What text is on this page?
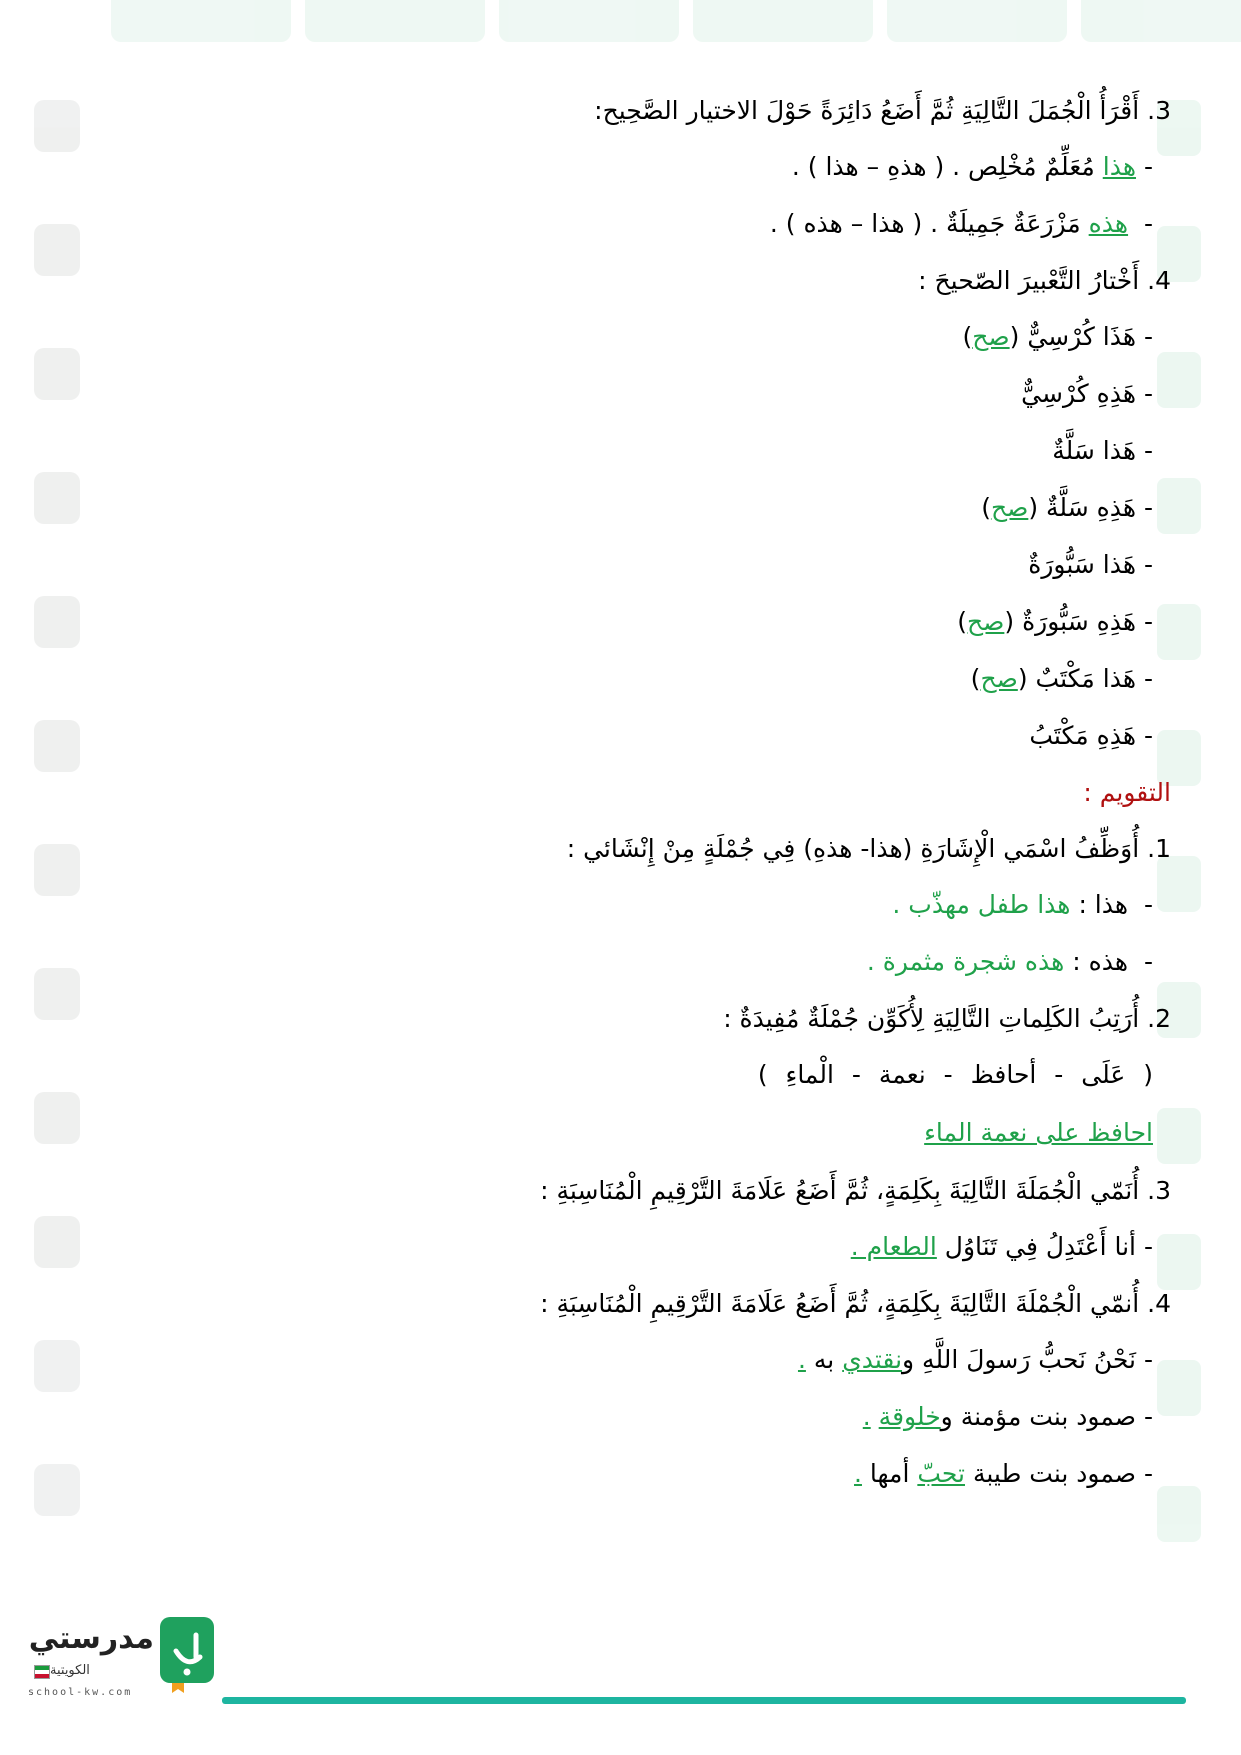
3. أَقْرَأُ الْجُمَلَ التَّالِيَةِ ثُمَّ أَضَعُ دَائِرَةً حَوْلَ الاختيار الصَّحِيح:
- هذا مُعَلِّمٌ مُخْلِص . ( هذهِ – هذا ) .
-  هذه مَزْرَعَةٌ جَمِيلَةٌ . ( هذا – هذه ) .
4. أَخْتارُ التَّعْبيرَ الصّحيحَ :
- هَذَا كُرْسِيٌّ (صح)
- هَذِهِ كُرْسِيٌّ
- هَذا سَلَّةٌ
- هَذِهِ سَلَّةٌ (صح)
- هَذا سَبُّورَةٌ
- هَذِهِ سَبُّورَةٌ (صح)
- هَذا مَكْتَبٌ (صح)
- هَذِهِ مَكْتَبُ
التقويم :
1. أُوَظِّفُ اسْمَي الْإِشَارَةِ (هذا- هذهِ) فِي جُمْلَةٍ مِنْ إِنْشَائي :
-  هذا : هذا طفل مهذّب .
-  هذه : هذه شجرة مثمرة .
2. أُرَتِبُ الكَلِماتِ التَّالِيَةِ لِأُكَوِّن جُمْلَةٌ مُفِيدَةٌ :
( عَلَى - أحافظ - نعمة - الْماءِ )
احافظ على نعمة الماء
3. أُنَمّي الْجُمَلَةَ التَّالِيَةَ بِكَلِمَةٍ، ثُمَّ أَضَعُ عَلَامَةَ التَّرْقِيمِ الْمُنَاسِبَةِ :
- أنا أَعْتَدِلُ فِي تَنَاوُل الطعام .
4. أُنمّي الْجُمْلَةَ التَّالِيَةَ بِكَلِمَةٍ، ثُمَّ أَضَعُ عَلَامَةَ التَّرْقِيمِ الْمُنَاسِبَةِ :
- نَحْنُ نَحبُّ رَسولَ اللَّهِ ونقتدي به .
- صمود بنت مؤمنة وخلوقة .
- صمود بنت طيبة تحبّ أمها .
مدرستي
الكويتية
school-kw.com
